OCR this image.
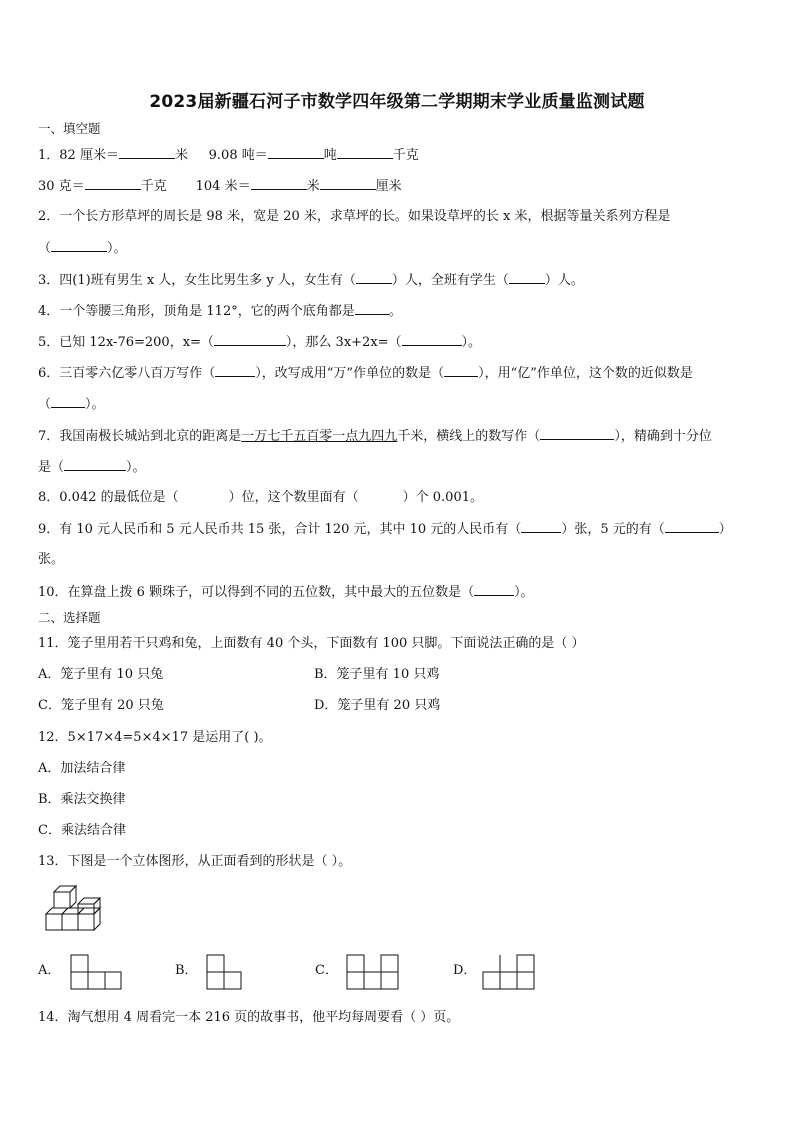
2023届新疆石河子市数学四年级第二学期期末学业质量监测试题
一、填空题
1．82 厘米＝	米 9.08 吨＝	吨	千克
30 克＝	千克 104 米＝	米	厘米
2．一个长方形草坪的周长是 98 米，宽是 20 米，求草坪的长。如果设草坪的长 x 米，根据等量关系列方程是
（	）。
3．四(1)班有男生 x 人，女生比男生多 y 人，女生有（	）人，全班有学生（	）人。
4．一个等腰三角形，顶角是 112°，它的两个底角都是	。
5．已知 12x-76=200，x=（	），那么 3x+2x=（	）。
6．三百零六亿零八百万写作（	），改写成用“万”作单位的数是（	），用“亿”作单位，这个数的近似数是
（	）。
7．我国南极长城站到北京的距离是一万七千五百零一点九四九千米，横线上的数写作（	），精确到十分位
是（	）。
8．0.042 的最低位是（	）位，这个数里面有（	）个 0.001。
9．有 10 元人民币和 5 元人民币共 15 张，合计 120 元，其中 10 元的人民币有（	）张，5 元的有（	）
张。
10．在算盘上拨 6 颗珠子，可以得到不同的五位数，其中最大的五位数是（	）。
二、选择题
11．笼子里用若干只鸡和兔，上面数有 40 个头，下面数有 100 只脚。下面说法正确的是（ ）
A．笼子里有 10 只兔	B．笼子里有 10 只鸡
C．笼子里有 20 只兔	D．笼子里有 20 只鸡
12．5×17×4=5×4×17 是运用了( )。
A．加法结合律
B．乘法交换律
C．乘法结合律
13．下图是一个立体图形，从正面看到的形状是（ ）。
A．	B．	C．	D．
14．淘气想用 4 周看完一本 216 页的故事书，他平均每周要看（ ）页。
